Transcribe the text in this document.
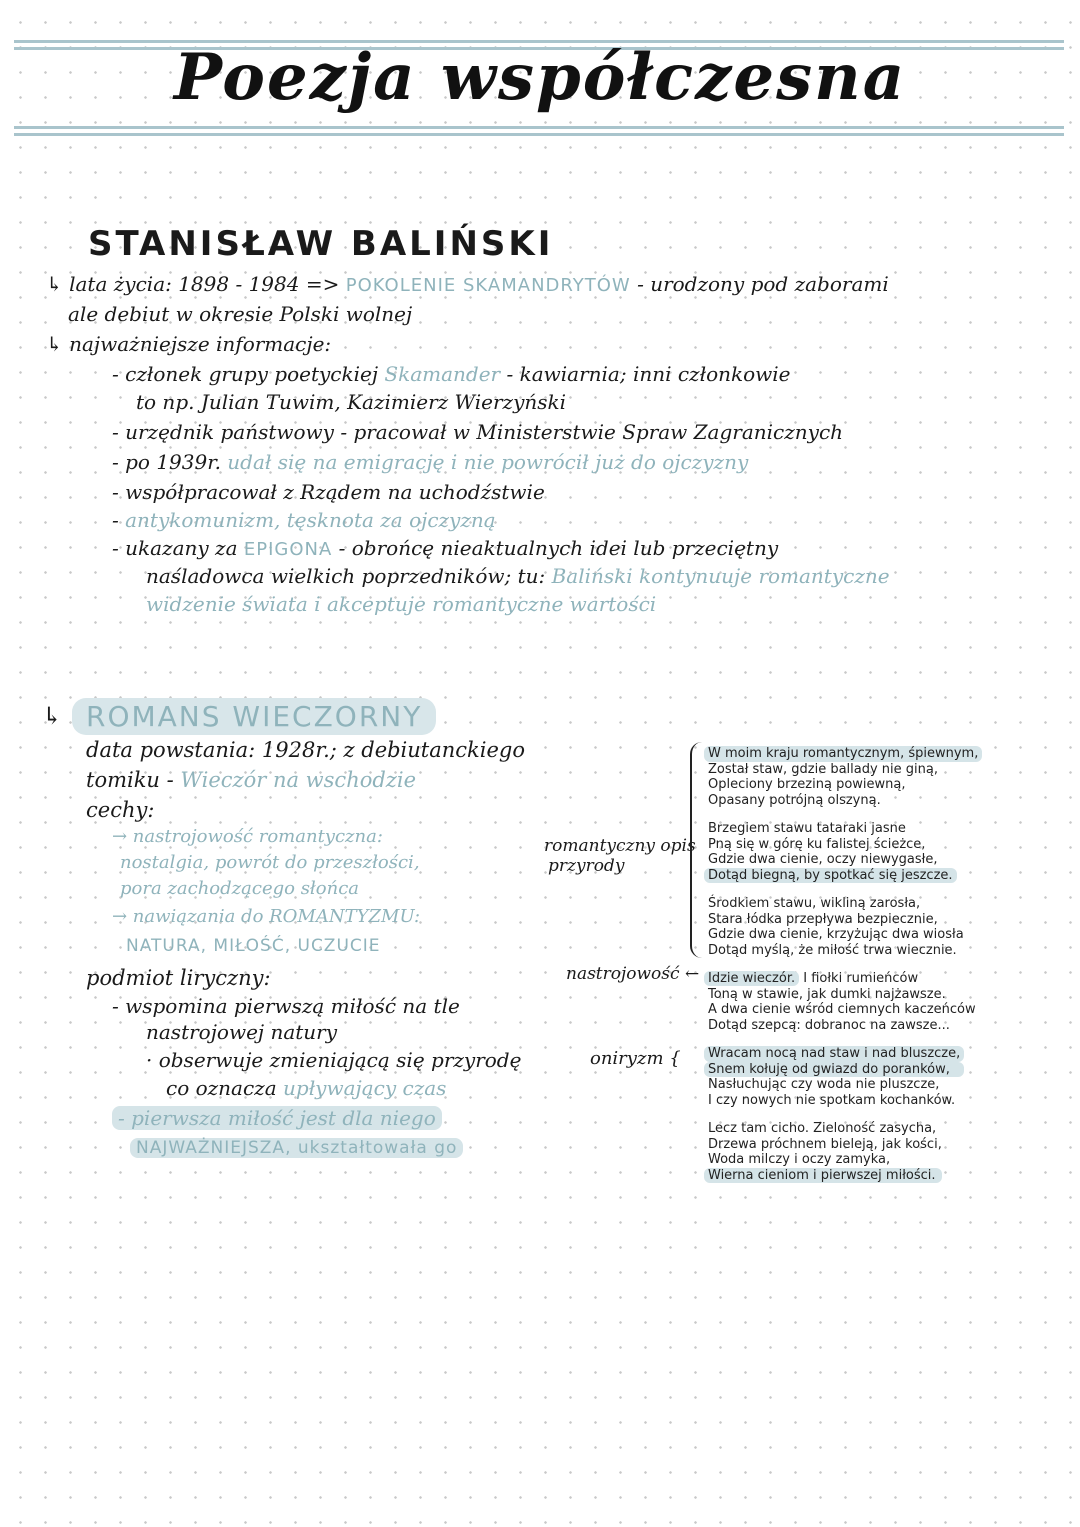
Poezja współczesna
STANISŁAW BALIŃSKI
↳ lata życia: 1898 - 1984 => POKOLENIE SKAMANDRYTÓW - urodzony pod zaborami
ale debiut w okresie Polski wolnej
↳ najważniejsze informacje:
- członek grupy poetyckiej Skamander - kawiarnia; inni członkowie
to np. Julian Tuwim, Kazimierz Wierzyński
- urzędnik państwowy - pracował w Ministerstwie Spraw Zagranicznych
- po 1939r. udał się na emigrację i nie powrócił już do ojczyzny
- współpracował z Rządem na uchodźstwie
- antykomunizm, tęsknota za ojczyzną
- ukazany za EPIGONA - obrońcę nieaktualnych idei lub przeciętny
naśladowca wielkich poprzedników; tu: Baliński kontynuuje romantyczne
widzenie świata i akceptuje romantyczne wartości
↳ ROMANS WIECZORNY
data powstania: 1928r.; z debiutanckiego
tomiku - Wieczór na wschodzie
cechy:
→ nastrojowość romantyczna:
nostalgia, powrót do przeszłości,
pora zachodzącego słońca
→ nawiązania do ROMANTYZMU:
NATURA, MIŁOŚĆ, UCZUCIE
podmiot liryczny:
- wspomina pierwszą miłość na tle
nastrojowej natury
· obserwuje zmieniającą się przyrodę	oniryzm {
co oznacza upływający czas
- pierwsza miłość jest dla niego
NAJWAŻNIEJSZA, ukształtowała go
romantyczny opis
przyrody
nastrojowość ←
W moim kraju romantycznym, śpiewnym,
Został staw, gdzie ballady nie giną,
Opleciony brzeziną powiewną,
Opasany potrójną olszyną.
Brzegiem stawu tataraki jasne
Pną się w górę ku falistej ścieżce,
Gdzie dwa cienie, oczy niewygasłe,
Dotąd biegną, by spotkać się jeszcze.
Środkiem stawu, wikliną zarosła,
Stara łódka przepływa bezpiecznie,
Gdzie dwa cienie, krzyżując dwa wiosła
Dotąd myślą, że miłość trwa wiecznie.
Idzie wieczór. I fiołki rumieńców
Toną w stawie, jak dumki najżawsze.
A dwa cienie wśród ciemnych kaczeńców
Dotąd szepcą: dobranoc na zawsze...
Wracam nocą nad staw i nad bluszcze,
Snem kołuję od gwiazd do poranków,
Nasłuchując czy woda nie pluszcze,
I czy nowych nie spotkam kochanków.
Lecz tam cicho. Zieloność zasycha,
Drzewa próchnem bieleją, jak kości,
Woda milczy i oczy zamyka,
Wierna cieniom i pierwszej miłości.
